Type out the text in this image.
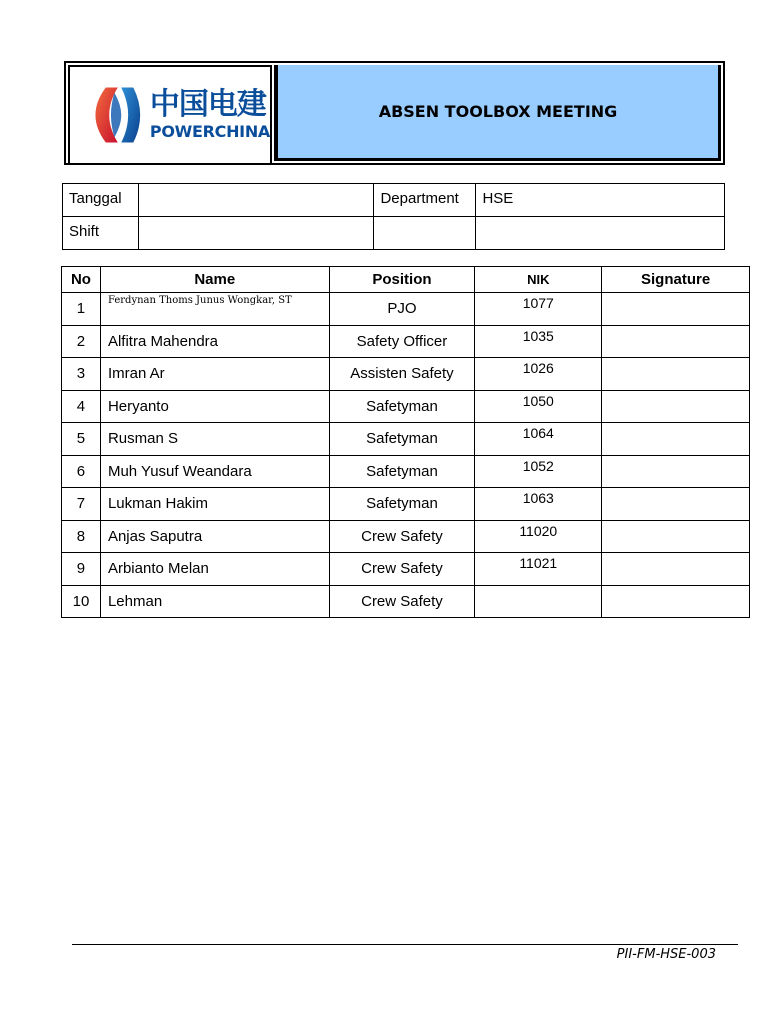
中国电建
POWERCHINA
ABSEN TOOLBOX MEETING
Tanggal		Department	HSE
Shift			
No	Name	Position	NIK	Signature
1	Ferdynan Thoms Junus Wongkar, ST	PJO	1077	
2	Alfitra Mahendra	Safety Officer	1035	
3	Imran Ar	Assisten Safety	1026	
4	Heryanto	Safetyman	1050	
5	Rusman S	Safetyman	1064	
6	Muh Yusuf Weandara	Safetyman	1052	
7	Lukman Hakim	Safetyman	1063	
8	Anjas Saputra	Crew Safety	11020	
9	Arbianto Melan	Crew Safety	11021	
10	Lehman	Crew Safety		
PII-FM-HSE-003
